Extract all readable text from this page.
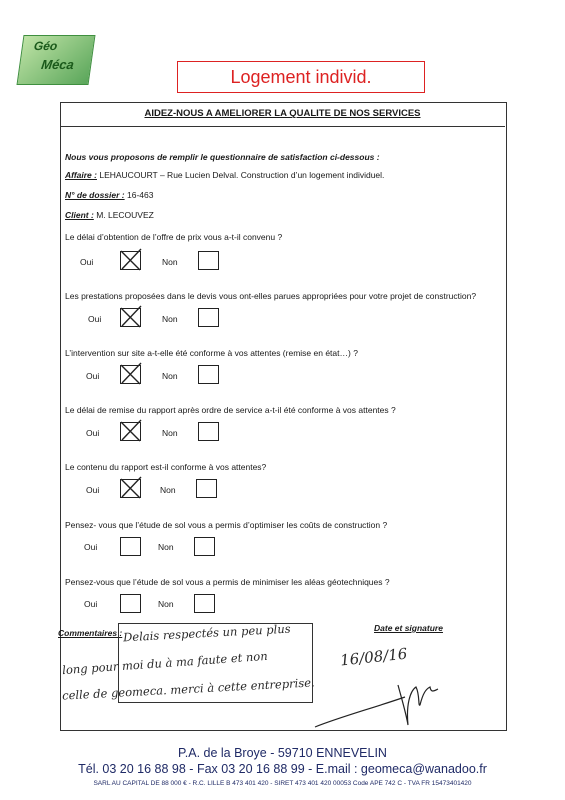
Géo
Méca
Logement individ.
AIDEZ-NOUS A AMELIORER LA QUALITE DE NOS SERVICES
Nous vous proposons de remplir le questionnaire de satisfaction ci-dessous :
Affaire : LEHAUCOURT – Rue Lucien Delval. Construction d’un logement individuel.
N° de dossier : 16-463
Client : M. LECOUVEZ
Le délai d’obtention de l’offre de prix vous a-t-il convenu ?
Oui	Non
Les prestations proposées dans le devis vous ont-elles parues appropriées pour votre projet de construction?
Oui	Non
L’intervention sur site a-t-elle été conforme à vos attentes (remise en état…) ?
Oui	Non
Le délai de remise du rapport après ordre de service a-t-il été conforme à vos attentes ?
Oui	Non
Le contenu du rapport est-il conforme à vos attentes?
Oui	Non
Pensez- vous que l’étude de sol vous a permis d’optimiser les coûts de construction ?
Oui	Non
Pensez-vous que l’étude de sol vous a permis de minimiser les aléas géotechniques ?
Oui	Non
Commentaires : Delais respectés un peu plus
long pour moi du à ma faute et non
celle de geomeca. merci à cette entreprise.
Date et signature
16/08/16
P.A. de la Broye - 59710 ENNEVELIN
Tél. 03 20 16 88 98 - Fax 03 20 16 88 99 - E.mail : geomeca@wanadoo.fr
SARL AU CAPITAL DE 88 000 € - R.C. LILLE B 473 401 420 - SIRET 473 401 420 00053 Code APE 742 C - TVA FR 15473401420
